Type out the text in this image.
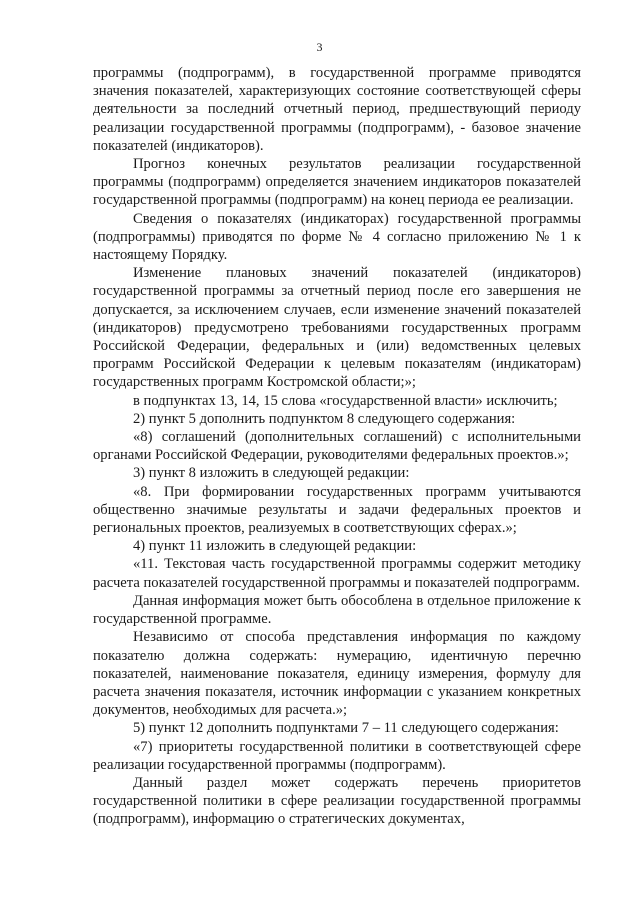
3

программы (подпрограмм), в государственной программе приводятся значения показателей, характеризующих состояние соответствующей сферы деятельности за последний отчетный период, предшествующий периоду реализации государственной программы (подпрограмм), - базовое значение показателей (индикаторов).

Прогноз конечных результатов реализации государственной программы (подпрограмм) определяется значением индикаторов показателей государственной программы (подпрограмм) на конец периода ее реализации.

Сведения о показателях (индикаторах) государственной программы (подпрограммы) приводятся по форме № 4 согласно приложению № 1 к настоящему Порядку.

Изменение плановых значений показателей (индикаторов) государственной программы за отчетный период после его завершения не допускается, за исключением случаев, если изменение значений показателей (индикаторов) предусмотрено требованиями государственных программ Российской Федерации, федеральных и (или) ведомственных целевых программ Российской Федерации к целевым показателям (индикаторам) государственных программ Костромской области;»;

в подпунктах 13, 14, 15 слова «государственной власти» исключить;

2) пункт 5 дополнить подпунктом 8 следующего содержания:

«8) соглашений (дополнительных соглашений) с исполнительными органами Российской Федерации, руководителями федеральных проектов.»;

3) пункт 8 изложить в следующей редакции:

«8. При формировании государственных программ учитываются общественно значимые результаты и задачи федеральных проектов и региональных проектов, реализуемых в соответствующих сферах.»;

4) пункт 11 изложить в следующей редакции:

«11. Текстовая часть государственной программы содержит методику расчета показателей государственной программы и показателей подпрограмм.

Данная информация может быть обособлена в отдельное приложение к государственной программе.

Независимо от способа представления информация по каждому показателю должна содержать: нумерацию, идентичную перечню показателей, наименование показателя, единицу измерения, формулу для расчета значения показателя, источник информации с указанием конкретных документов, необходимых для расчета.»;

5) пункт 12 дополнить подпунктами 7 – 11 следующего содержания:

«7) приоритеты государственной политики в соответствующей сфере реализации государственной программы (подпрограмм).

Данный раздел может содержать перечень приоритетов государственной политики в сфере реализации государственной программы (подпрограмм), информацию о стратегических документах,
